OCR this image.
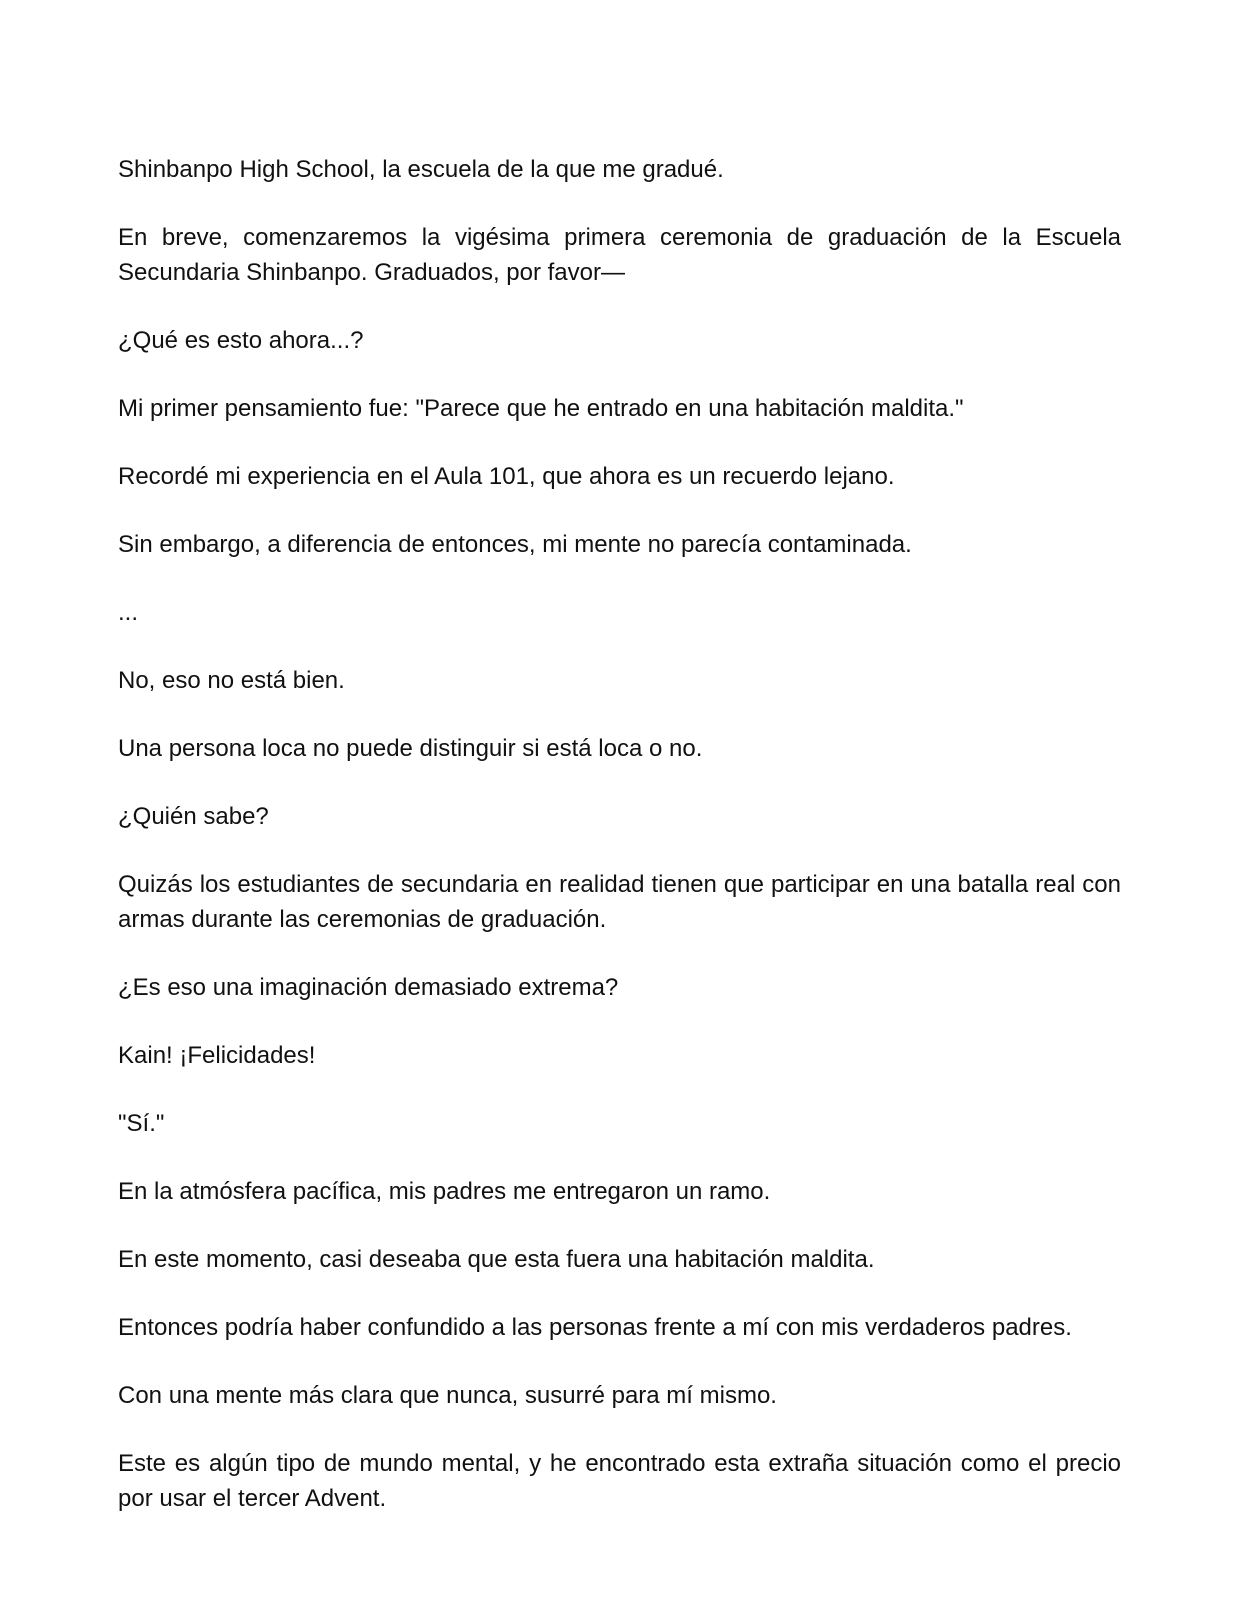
Shinbanpo High School, la escuela de la que me gradué.

En breve, comenzaremos la vigésima primera ceremonia de graduación de la Escuela Secundaria Shinbanpo. Graduados, por favor—

¿Qué es esto ahora...?

Mi primer pensamiento fue: "Parece que he entrado en una habitación maldita."

Recordé mi experiencia en el Aula 101, que ahora es un recuerdo lejano.

Sin embargo, a diferencia de entonces, mi mente no parecía contaminada.

...

No, eso no está bien.

Una persona loca no puede distinguir si está loca o no.

¿Quién sabe?

Quizás los estudiantes de secundaria en realidad tienen que participar en una batalla real con armas durante las ceremonias de graduación.

¿Es eso una imaginación demasiado extrema?

Kain! ¡Felicidades!

"Sí."

En la atmósfera pacífica, mis padres me entregaron un ramo.

En este momento, casi deseaba que esta fuera una habitación maldita.

Entonces podría haber confundido a las personas frente a mí con mis verdaderos padres.

Con una mente más clara que nunca, susurré para mí mismo.

Este es algún tipo de mundo mental, y he encontrado esta extraña situación como el precio por usar el tercer Advent.
